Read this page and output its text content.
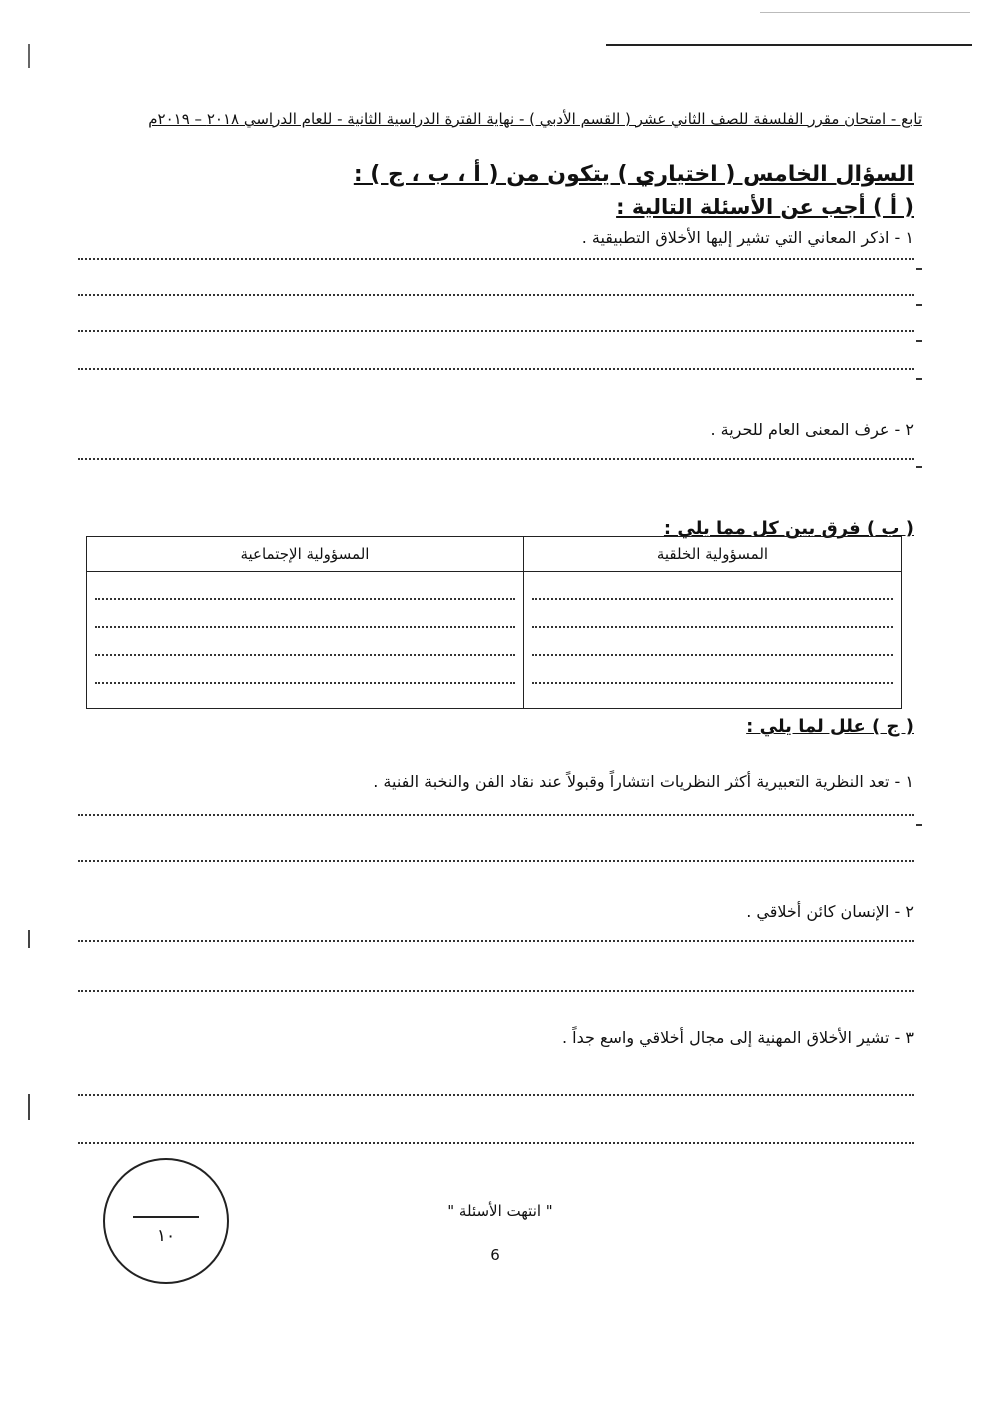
تابع - امتحان مقرر الفلسفة للصف الثاني عشر ( القسم الأدبي ) - نهاية الفترة الدراسية الثانية - للعام الدراسي ٢٠١٨ – ٢٠١٩م
السؤال الخامس ( اختياري ) يتكون من ( أ ، ب ، ج ) :
( أ ) أجب عن الأسئلة التالية :
١ - اذكر المعاني التي تشير إليها الأخلاق التطبيقية .
٢ - عرف المعنى العام للحرية .
( ب ) فرق بين كل مما يلي :
المسؤولية الخلقية	المسؤولية الإجتماعية

( ج ) علل لما يلي :
١ - تعد النظرية التعبيرية أكثر النظريات انتشاراً وقبولاً عند نقاد الفن والنخبة الفنية .
٢ - الإنسان كائن أخلاقي .
٣ - تشير الأخلاق المهنية إلى مجال أخلاقي واسع جداً .
١٠
" انتهت الأسئلة "
6
